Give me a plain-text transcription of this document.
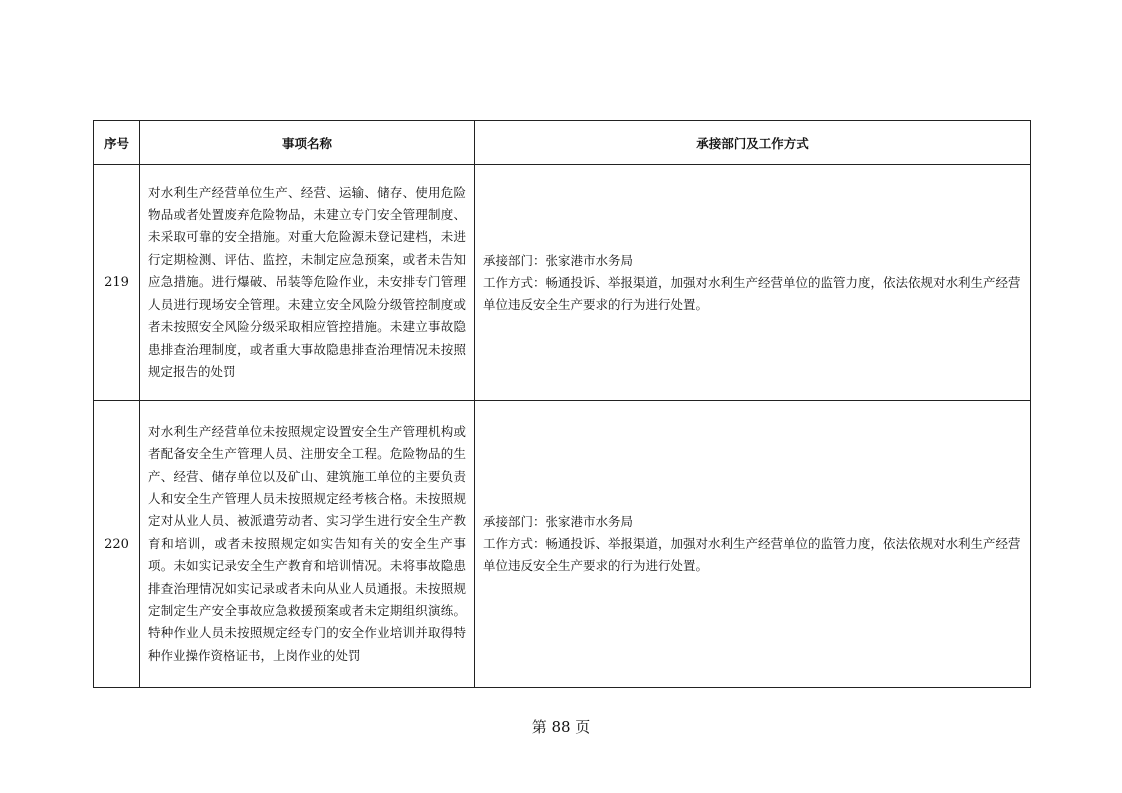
序号	事项名称	承接部门及工作方式
219	对水利生产经营单位生产、经营、运输、储存、使用危险物品或者处置废弃危险物品，未建立专门安全管理制度、未采取可靠的安全措施。对重大危险源未登记建档，未进行定期检测、评估、监控，未制定应急预案，或者未告知应急措施。进行爆破、吊装等危险作业，未安排专门管理人员进行现场安全管理。未建立安全风险分级管控制度或者未按照安全风险分级采取相应管控措施。未建立事故隐患排查治理制度，或者重大事故隐患排查治理情况未按照规定报告的处罚	承接部门：张家港市水务局
工作方式：畅通投诉、举报渠道，加强对水利生产经营单位的监管力度，依法依规对水利生产经营单位违反安全生产要求的行为进行处置。

220	对水利生产经营单位未按照规定设置安全生产管理机构或者配备安全生产管理人员、注册安全工程。危险物品的生产、经营、储存单位以及矿山、建筑施工单位的主要负责人和安全生产管理人员未按照规定经考核合格。未按照规定对从业人员、被派遣劳动者、实习学生进行安全生产教育和培训，或者未按照规定如实告知有关的安全生产事项。未如实记录安全生产教育和培训情况。未将事故隐患排查治理情况如实记录或者未向从业人员通报。未按照规定制定生产安全事故应急救援预案或者未定期组织演练。特种作业人员未按照规定经专门的安全作业培训并取得特种作业操作资格证书，上岗作业的处罚	承接部门：张家港市水务局
工作方式：畅通投诉、举报渠道，加强对水利生产经营单位的监管力度，依法依规对水利生产经营单位违反安全生产要求的行为进行处置。
第 88 页
